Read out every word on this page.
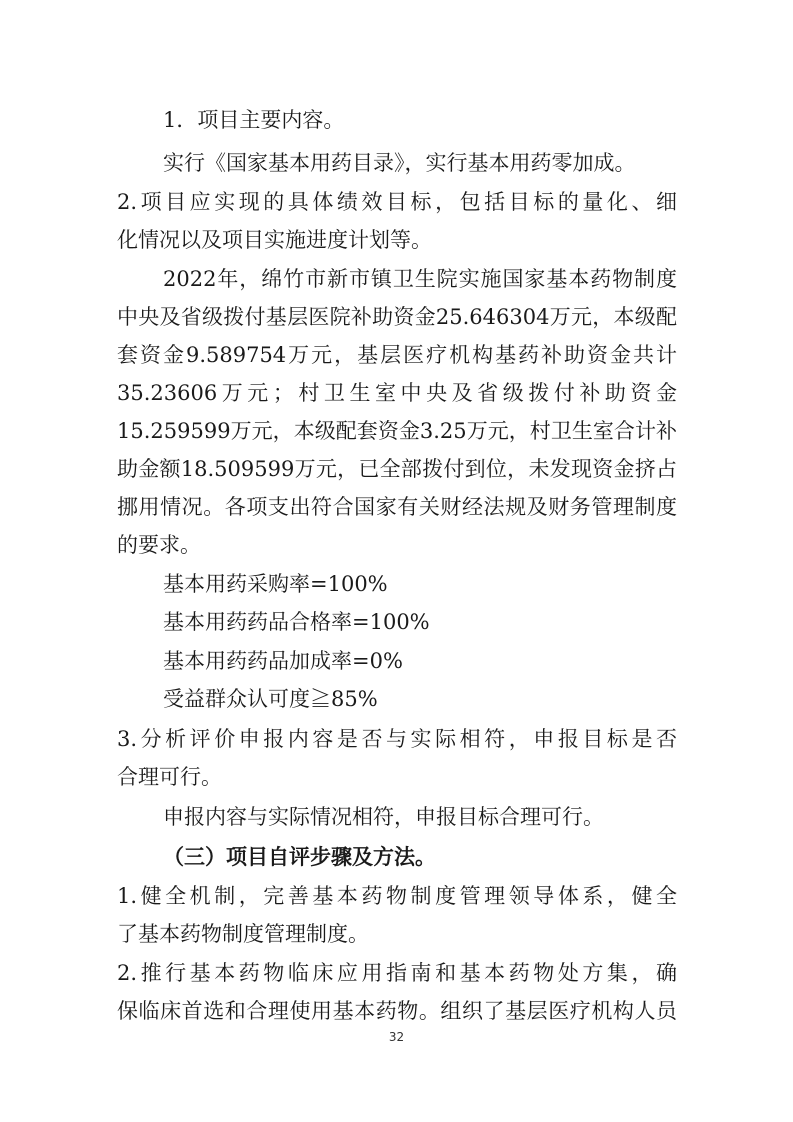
1．项目主要内容。
实行《国家基本用药目录》，实行基本用药零加成。
2.项目应实现的具体绩效目标，包括目标的量化、细
化情况以及项目实施进度计划等。
2022年，绵竹市新市镇卫生院实施国家基本药物制度
中央及省级拨付基层医院补助资金25.646304万元，本级配
套资金9.589754万元，基层医疗机构基药补助资金共计
35.23606万元；村卫生室中央及省级拨付补助资金
15.259599万元，本级配套资金3.25万元，村卫生室合计补
助金额18.509599万元，已全部拨付到位，未发现资金挤占
挪用情况。各项支出符合国家有关财经法规及财务管理制度
的要求。
基本用药采购率=100%
基本用药药品合格率=100%
基本用药药品加成率=0%
受益群众认可度≧85%
3.分析评价申报内容是否与实际相符，申报目标是否
合理可行。
申报内容与实际情况相符，申报目标合理可行。
（三）项目自评步骤及方法。
1.健全机制，完善基本药物制度管理领导体系，健全
了基本药物制度管理制度。
2.推行基本药物临床应用指南和基本药物处方集，确
保临床首选和合理使用基本药物。组织了基层医疗机构人员
32
